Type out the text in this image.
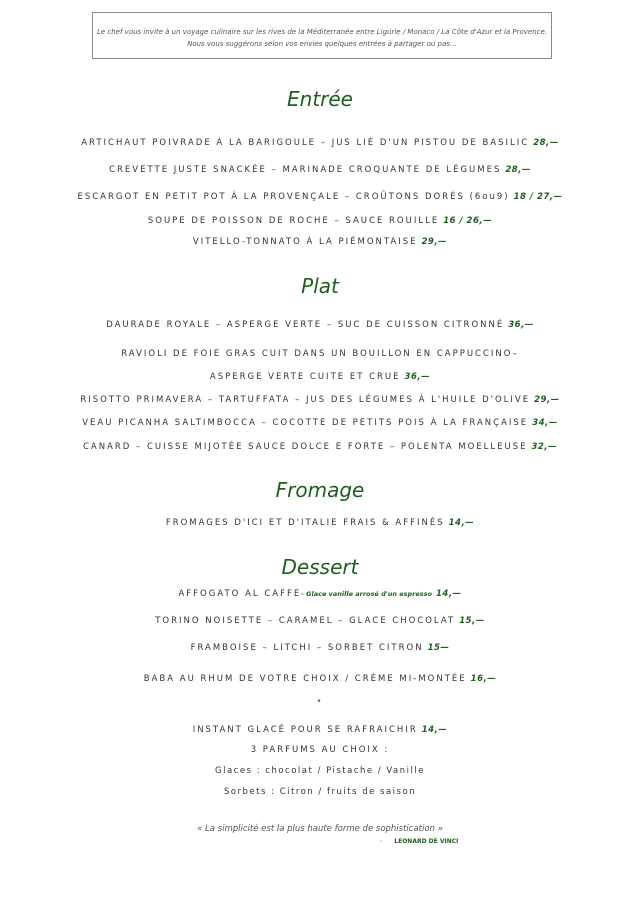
Le chef vous invite à un voyage culinaire sur les rives de la Méditerranée entre Ligurie / Monaco / La Côte d'Azur et la Provence.
Nous vous suggérons selon vos envies quelques entrées à partager ou pas…
Entrée
ARTICHAUT POIVRADE À LA BARIGOULE – JUS LIÉ D'UN PISTOU DE BASILIC 28,—
CREVETTE JUSTE SNACKÉE – MARINADE CROQUANTE DE LÉGUMES 28,—
ESCARGOT EN PETIT POT À LA PROVENÇALE – CROÛTONS DORÉS (6ou9) 18 / 27,—
SOUPE DE POISSON DE ROCHE – SAUCE ROUILLE 16 / 26,—
VITELLO-TONNATO À LA PIÉMONTAISE 29,—
Plat
DAURADE ROYALE – ASPERGE VERTE – SUC DE CUISSON CITRONNÉ 36,—
RAVIOLI DE FOIE GRAS CUIT DANS UN BOUILLON EN CAPPUCCINO–
ASPERGE VERTE CUITE ET CRUE 36,—
RISOTTO PRIMAVERA – TARTUFFATA – JUS DES LÉGUMES À L'HUILE D'OLIVE 29,—
VEAU PICANHA SALTIMBOCCA – COCOTTE DE PETITS POIS À LA FRANÇAISE 34,—
CANARD – CUISSE MIJOTÉE SAUCE DOLCE E FORTE – POLENTA MOELLEUSE 32,—
Fromage
FROMAGES D'ICI ET D'ITALIE FRAIS & AFFINÉS 14,—
Dessert
AFFOGATO AL CAFFE- Glace vanille arrosé d'un espresso 14,—
TORINO NOISETTE – CARAMEL – GLACE CHOCOLAT 15,—
FRAMBOISE – LITCHI – SORBET CITRON 15—
BABA AU RHUM DE VOTRE CHOIX / CRÈME MI-MONTÉE 16,—
•
INSTANT GLACÉ POUR SE RAFRAICHIR 14,—
3 PARFUMS AU CHOIX :
Glaces : chocolat / Pistache / Vanille
Sorbets : Citron / fruits de saison
« La simplicité est la plus haute forme de sophistication »
· LEONARD DE VINCI
